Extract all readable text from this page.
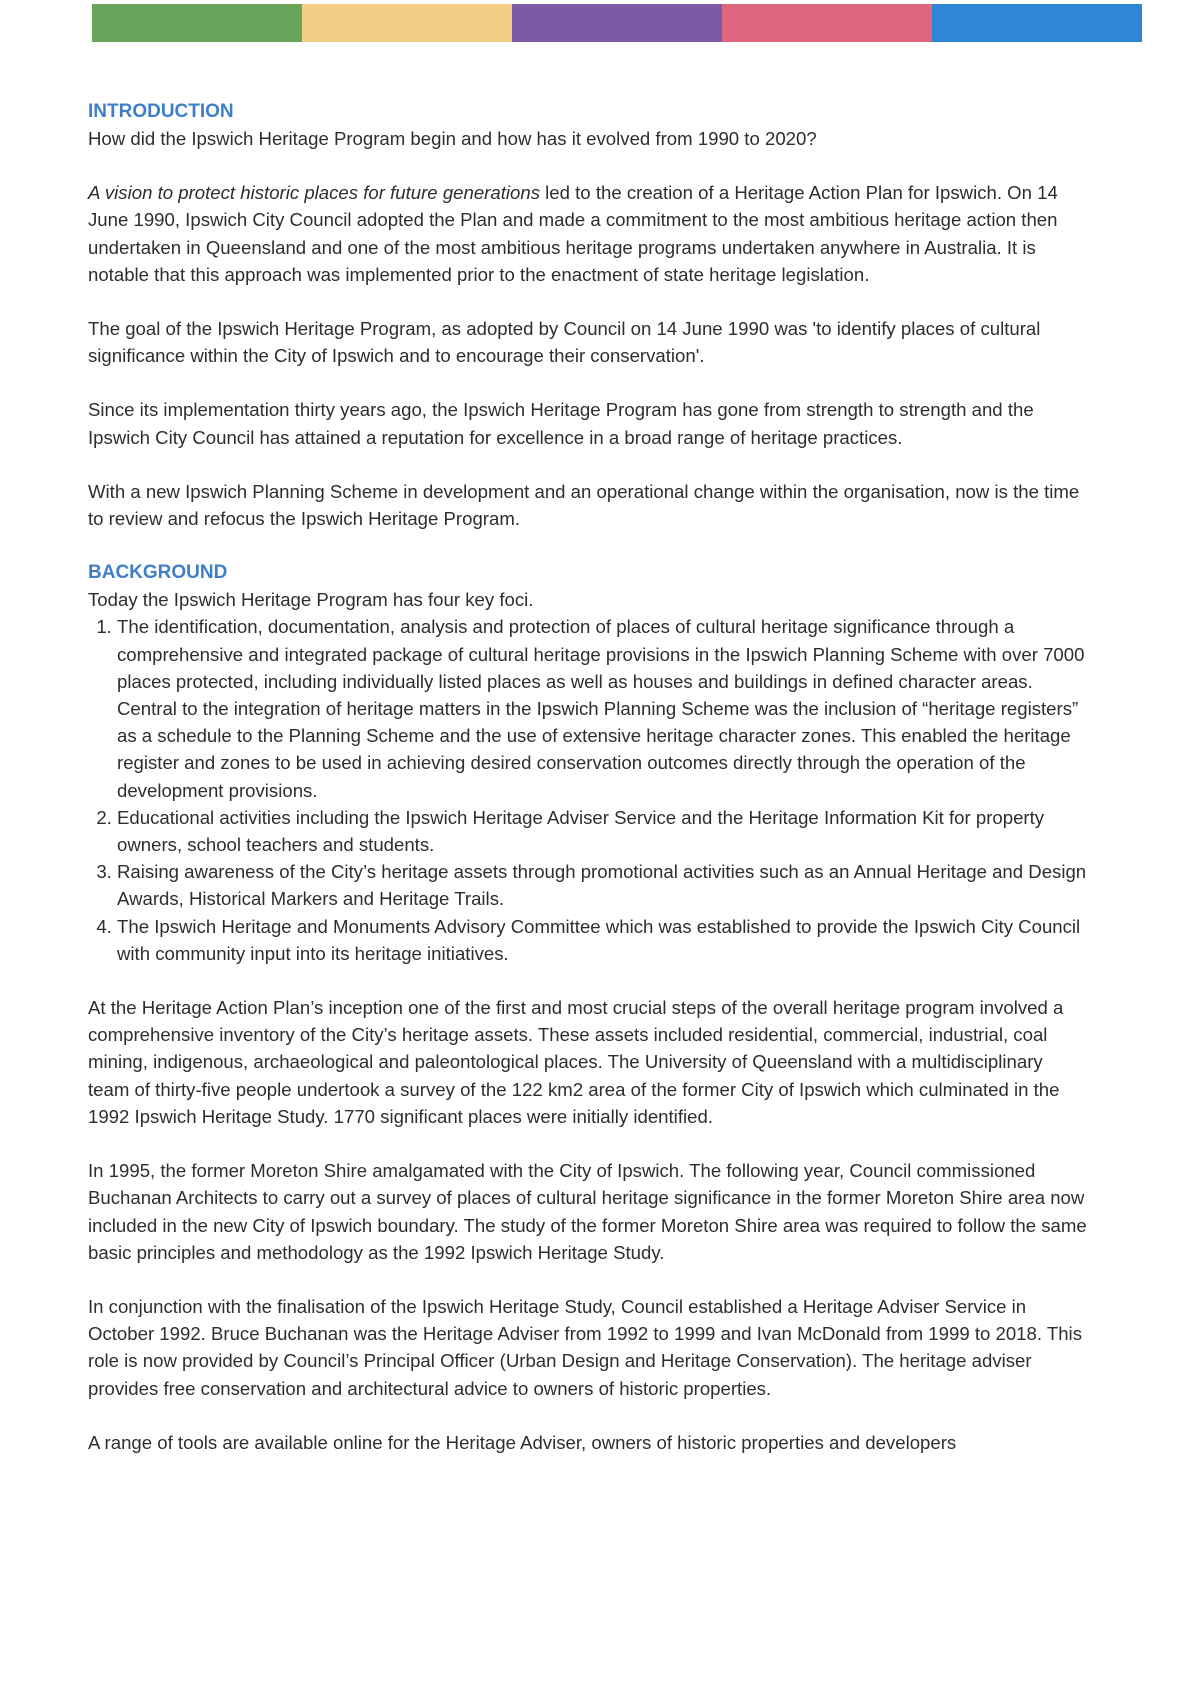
INTRODUCTION

How did the Ipswich Heritage Program begin and how has it evolved from 1990 to 2020?

A vision to protect historic places for future generations led to the creation of a Heritage Action Plan for Ipswich. On 14 June 1990, Ipswich City Council adopted the Plan and made a commitment to the most ambitious heritage action then undertaken in Queensland and one of the most ambitious heritage programs undertaken anywhere in Australia. It is notable that this approach was implemented prior to the enactment of state heritage legislation.

The goal of the Ipswich Heritage Program, as adopted by Council on 14 June 1990 was 'to identify places of cultural significance within the City of Ipswich and to encourage their conservation'.

Since its implementation thirty years ago, the Ipswich Heritage Program has gone from strength to strength and the Ipswich City Council has attained a reputation for excellence in a broad range of heritage practices.

With a new Ipswich Planning Scheme in development and an operational change within the organisation, now is the time to review and refocus the Ipswich Heritage Program.

BACKGROUND

Today the Ipswich Heritage Program has four key foci.

1. The identification, documentation, analysis and protection of places of cultural heritage significance through a comprehensive and integrated package of cultural heritage provisions in the Ipswich Planning Scheme with over 7000 places protected, including individually listed places as well as houses and buildings in defined character areas. Central to the integration of heritage matters in the Ipswich Planning Scheme was the inclusion of “heritage registers” as a schedule to the Planning Scheme and the use of extensive heritage character zones. This enabled the heritage register and zones to be used in achieving desired conservation outcomes directly through the operation of the development provisions.
2. Educational activities including the Ipswich Heritage Adviser Service and the Heritage Information Kit for property owners, school teachers and students.
3. Raising awareness of the City’s heritage assets through promotional activities such as an Annual Heritage and Design Awards, Historical Markers and Heritage Trails.
4. The Ipswich Heritage and Monuments Advisory Committee which was established to provide the Ipswich City Council with community input into its heritage initiatives.

At the Heritage Action Plan’s inception one of the first and most crucial steps of the overall heritage program involved a comprehensive inventory of the City’s heritage assets. These assets included residential, commercial, industrial, coal mining, indigenous, archaeological and paleontological places. The University of Queensland with a multidisciplinary team of thirty-five people undertook a survey of the 122 km2 area of the former City of Ipswich which culminated in the 1992 Ipswich Heritage Study. 1770 significant places were initially identified.

In 1995, the former Moreton Shire amalgamated with the City of Ipswich. The following year, Council commissioned Buchanan Architects to carry out a survey of places of cultural heritage significance in the former Moreton Shire area now included in the new City of Ipswich boundary. The study of the former Moreton Shire area was required to follow the same basic principles and methodology as the 1992 Ipswich Heritage Study.

In conjunction with the finalisation of the Ipswich Heritage Study, Council established a Heritage Adviser Service in October 1992. Bruce Buchanan was the Heritage Adviser from 1992 to 1999 and Ivan McDonald from 1999 to 2018. This role is now provided by Council’s Principal Officer (Urban Design and Heritage Conservation). The heritage adviser provides free conservation and architectural advice to owners of historic properties.

A range of tools are available online for the Heritage Adviser, owners of historic properties and developers
